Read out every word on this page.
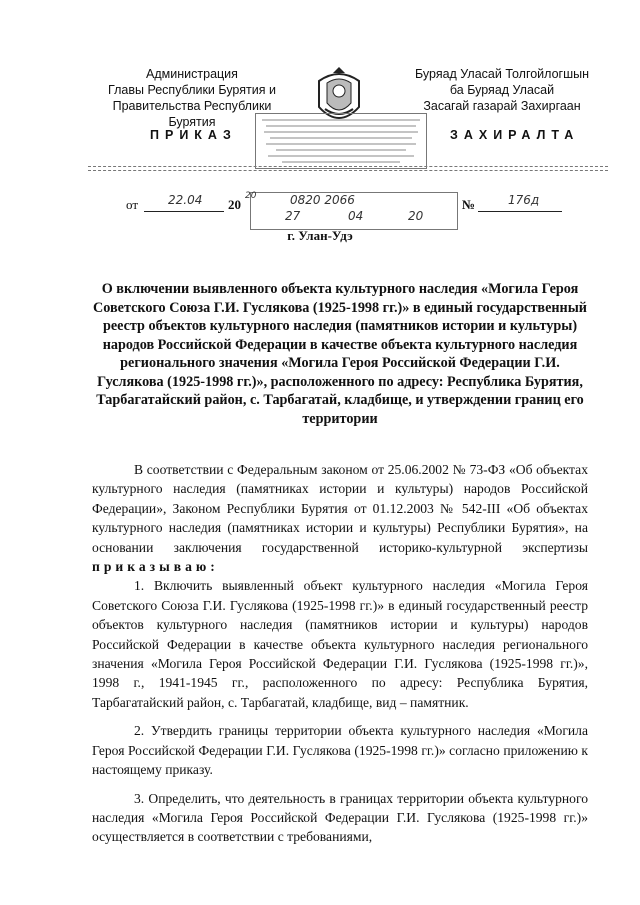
Администрация
Главы Республики Бурятия и
Правительства Республики Бурятия
Буряад Уласай Толгойлогшын
ба Буряад Уласай
Засагай газарай Захиргаан
ПРИКАЗ	ЗАХИРАЛТА
от 22.04 20
20	0820 2066	№	176д
27	04	20
г. Улан-Удэ
О включении выявленного объекта культурного наследия «Могила Героя Советского Союза Г.И. Гуслякова (1925-1998 гг.)» в единый государственный реестр объектов культурного наследия (памятников истории и культуры) народов Российской Федерации в качестве объекта культурного наследия регионального значения «Могила Героя Российской Федерации Г.И. Гуслякова (1925-1998 гг.)», расположенного по адресу: Республика Бурятия, Тарбагатайский район, с. Тарбагатай, кладбище, и утверждении границ его территории

В соответствии с Федеральным законом от 25.06.2002 № 73-ФЗ «Об объектах культурного наследия (памятниках истории и культуры) народов Российской Федерации», Законом Республики Бурятия от 01.12.2003 № 542-III «Об объектах культурного наследия (памятниках истории и культуры) Республики Бурятия», на основании заключения государственной историко-культурной экспертизы приказываю:

1. Включить выявленный объект культурного наследия «Могила Героя Советского Союза Г.И. Гуслякова (1925-1998 гг.)» в единый государственный реестр объектов культурного наследия (памятников истории и культуры) народов Российской Федерации в качестве объекта культурного наследия регионального значения «Могила Героя Российской Федерации Г.И. Гуслякова (1925-1998 гг.)», 1998 г., 1941-1945 гг., расположенного по адресу: Республика Бурятия, Тарбагатайский район, с. Тарбагатай, кладбище, вид – памятник.

2. Утвердить границы территории объекта культурного наследия «Могила Героя Российской Федерации Г.И. Гуслякова (1925-1998 гг.)» согласно приложению к настоящему приказу.

3. Определить, что деятельность в границах территории объекта культурного наследия «Могила Героя Российской Федерации Г.И. Гуслякова (1925-1998 гг.)» осуществляется в соответствии с требованиями,
